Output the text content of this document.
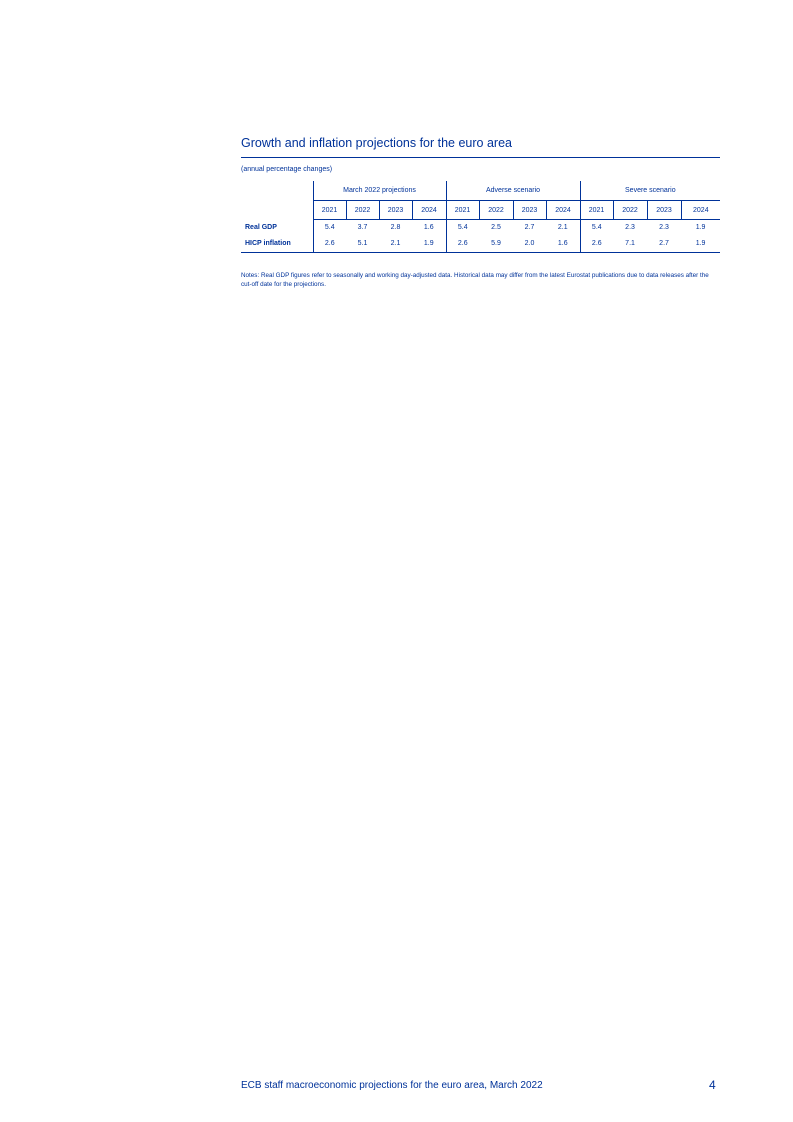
Growth and inflation projections for the euro area
(annual percentage changes)
	March 2022 projections				Adverse scenario				Severe scenario			
	2021	2022	2023	2024	2021	2022	2023	2024	2021	2022	2023	2024
Real GDP	5.4	3.7	2.8	1.6	5.4	2.5	2.7	2.1	5.4	2.3	2.3	1.9
HICP inflation	2.6	5.1	2.1	1.9	2.6	5.9	2.0	1.6	2.6	7.1	2.7	1.9
Notes: Real GDP figures refer to seasonally and working day-adjusted data. Historical data may differ from the latest Eurostat publications due to data releases after the cut-off date for the projections.
ECB staff macroeconomic projections for the euro area, March 2022	4
